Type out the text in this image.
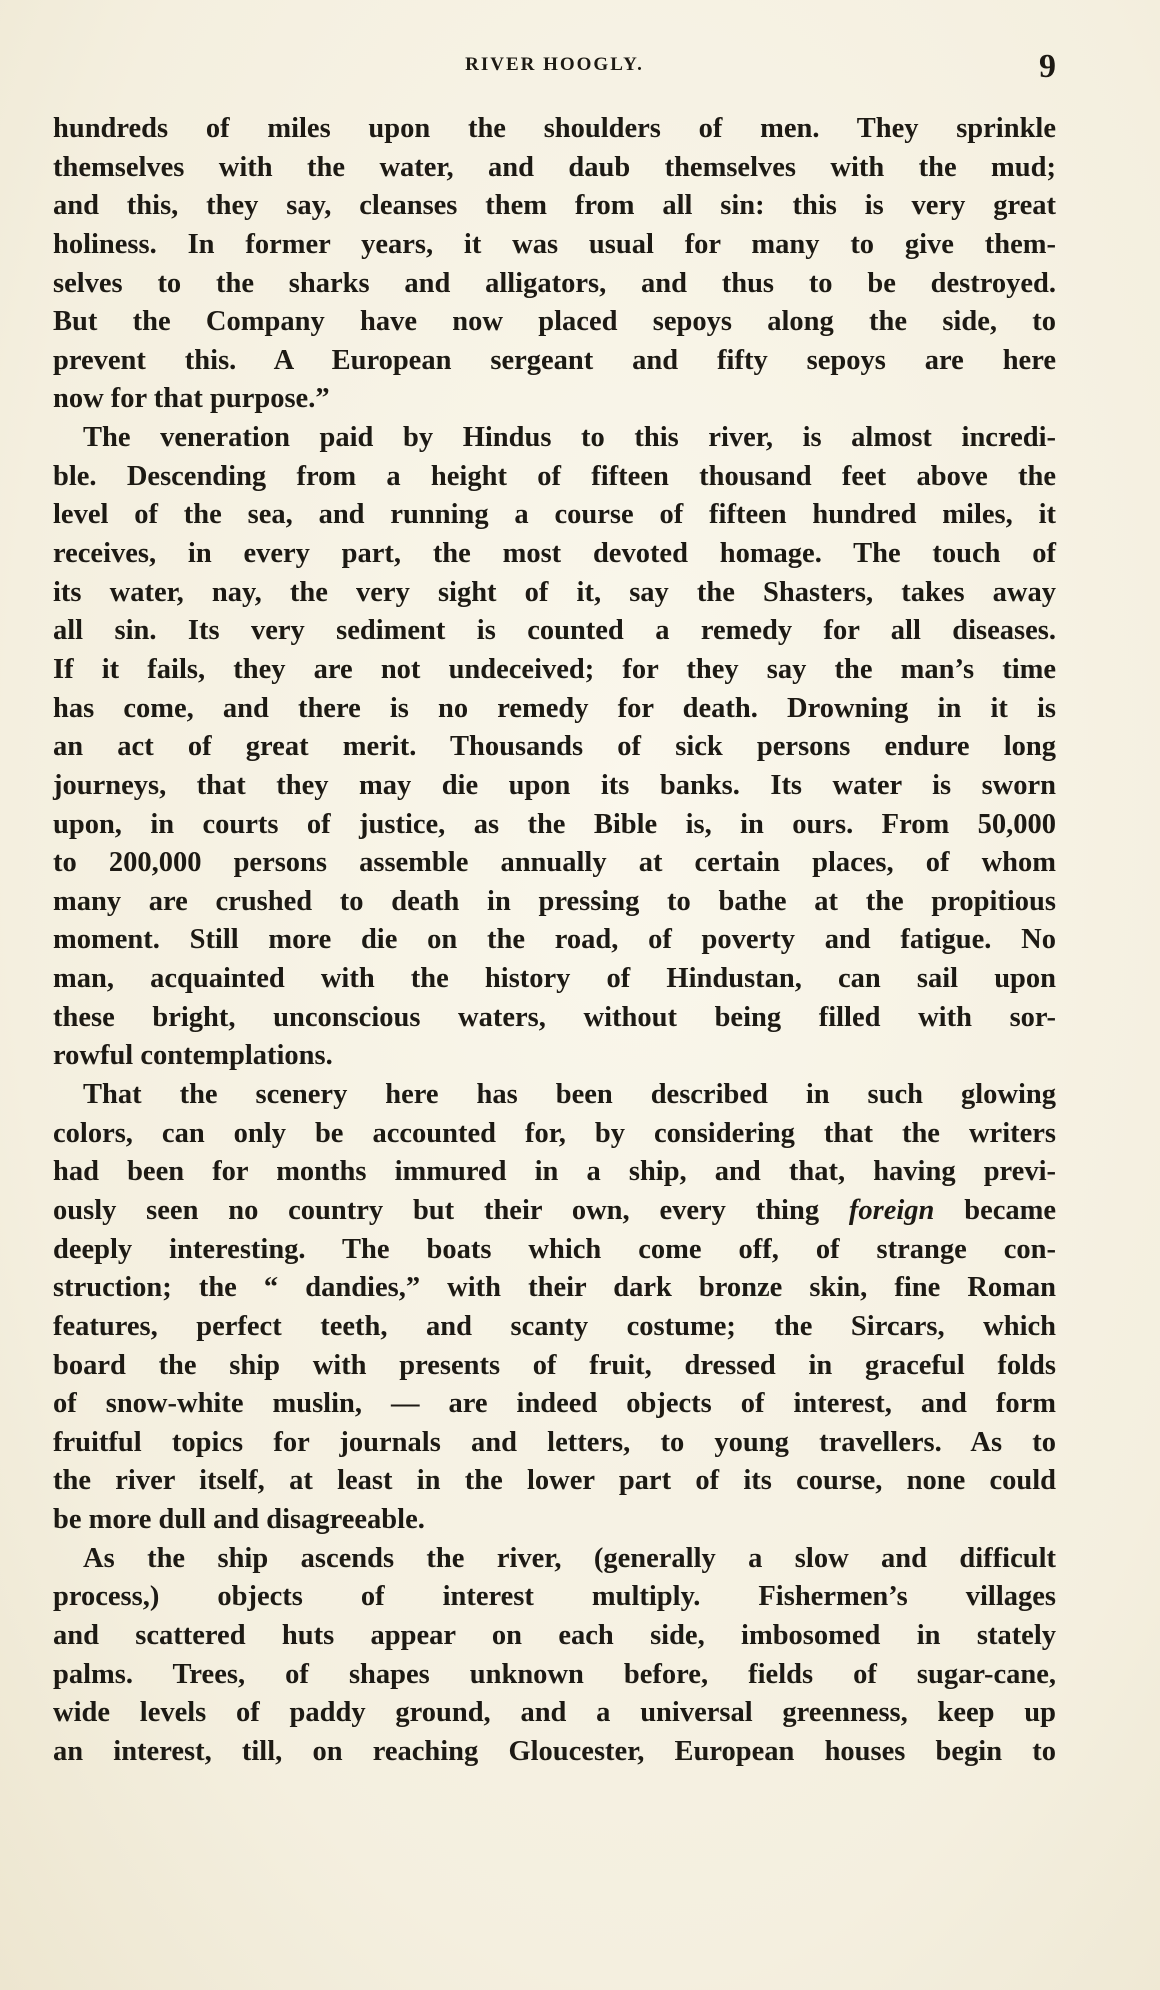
RIVER HOOGLY.	9
hundreds of miles upon the shoulders of men. They sprinkle
themselves with the water, and daub themselves with the mud;
and this, they say, cleanses them from all sin: this is very great
holiness. In former years, it was usual for many to give them-
selves to the sharks and alligators, and thus to be destroyed.
But the Company have now placed sepoys along the side, to
prevent this. A European sergeant and fifty sepoys are here
now for that purpose.”
The veneration paid by Hindus to this river, is almost incredi-
ble. Descending from a height of fifteen thousand feet above the
level of the sea, and running a course of fifteen hundred miles, it
receives, in every part, the most devoted homage. The touch of
its water, nay, the very sight of it, say the Shasters, takes away
all sin. Its very sediment is counted a remedy for all diseases.
If it fails, they are not undeceived; for they say the man’s time
has come, and there is no remedy for death. Drowning in it is
an act of great merit. Thousands of sick persons endure long
journeys, that they may die upon its banks. Its water is sworn
upon, in courts of justice, as the Bible is, in ours. From 50,000
to 200,000 persons assemble annually at certain places, of whom
many are crushed to death in pressing to bathe at the propitious
moment. Still more die on the road, of poverty and fatigue. No
man, acquainted with the history of Hindustan, can sail upon
these bright, unconscious waters, without being filled with sor-
rowful contemplations.
That the scenery here has been described in such glowing
colors, can only be accounted for, by considering that the writers
had been for months immured in a ship, and that, having previ-
ously seen no country but their own, every thing foreign became
deeply interesting. The boats which come off, of strange con-
struction; the “ dandies,” with their dark bronze skin, fine Roman
features, perfect teeth, and scanty costume; the Sircars, which
board the ship with presents of fruit, dressed in graceful folds
of snow-white muslin, — are indeed objects of interest, and form
fruitful topics for journals and letters, to young travellers. As to
the river itself, at least in the lower part of its course, none could
be more dull and disagreeable.
As the ship ascends the river, (generally a slow and difficult
process,) objects of interest multiply. Fishermen’s villages
and scattered huts appear on each side, imbosomed in stately
palms. Trees, of shapes unknown before, fields of sugar-cane,
wide levels of paddy ground, and a universal greenness, keep up
an interest, till, on reaching Gloucester, European houses begin to
